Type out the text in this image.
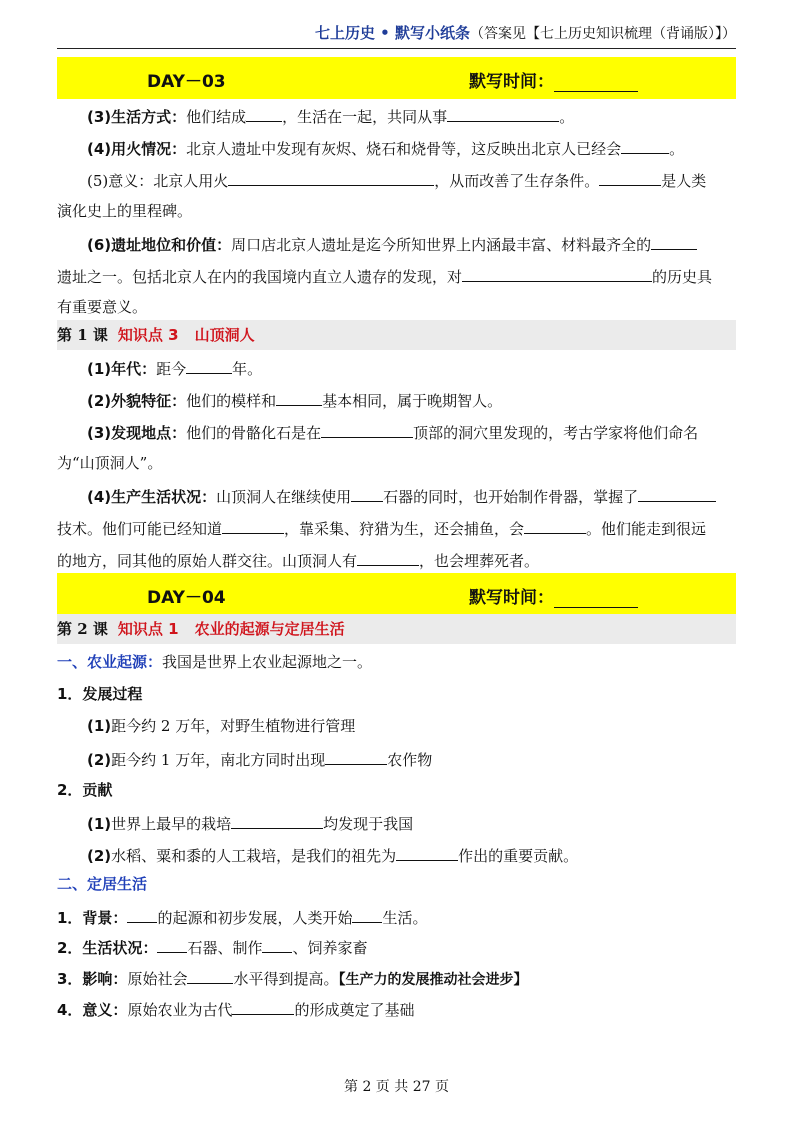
七上历史 • 默写小纸条（答案见【七上历史知识梳理（背诵版）】）
DAY－03	默写时间：
(3)生活方式：他们结成 ，生活在一起，共同从事	。
(4)用火情况：北京人遗址中发现有灰烬、烧石和烧骨等，这反映出北京人已经会	。
(5)意义：北京人用火	，从而改善了生存条件。	是人类
演化史上的里程碑。
(6)遗址地位和价值：周口店北京人遗址是迄今所知世界上内涵最丰富、材料最齐全的
遗址之一。包括北京人在内的我国境内直立人遗存的发现，对	的历史具
有重要意义。
第 1 课 知识点 3 山顶洞人
(1)年代：距今	年。
(2)外貌特征：他们的模样和	基本相同，属于晚期智人。
(3)发现地点：他们的骨骼化石是在	顶部的洞穴里发现的，考古学家将他们命名
为“山顶洞人”。
(4)生产生活状况：山顶洞人在继续使用 石器的同时，也开始制作骨器，掌握了
技术。他们可能已经知道	，靠采集、狩猎为生，还会捕鱼，会	。他们能走到很远
的地方，同其他的原始人群交往。山顶洞人有	，也会埋葬死者。
DAY－04	默写时间：
第 2 课 知识点 1 农业的起源与定居生活
一、农业起源：我国是世界上农业起源地之一。
1．发展过程
(1)距今约 2 万年，对野生植物进行管理
(2)距今约 1 万年，南北方同时出现	农作物
2．贡献
(1)世界上最早的栽培	均发现于我国
(2)水稻、粟和黍的人工栽培，是我们的祖先为	作出的重要贡献。
二、定居生活
1．背景： 的起源和初步发展，人类开始 生活。
2．生活状况： 石器、制作 、饲养家畜
3．影响：原始社会	水平得到提高。【生产力的发展推动社会进步】
4．意义：原始农业为古代	的形成奠定了基础
第 2 页 共 27 页
